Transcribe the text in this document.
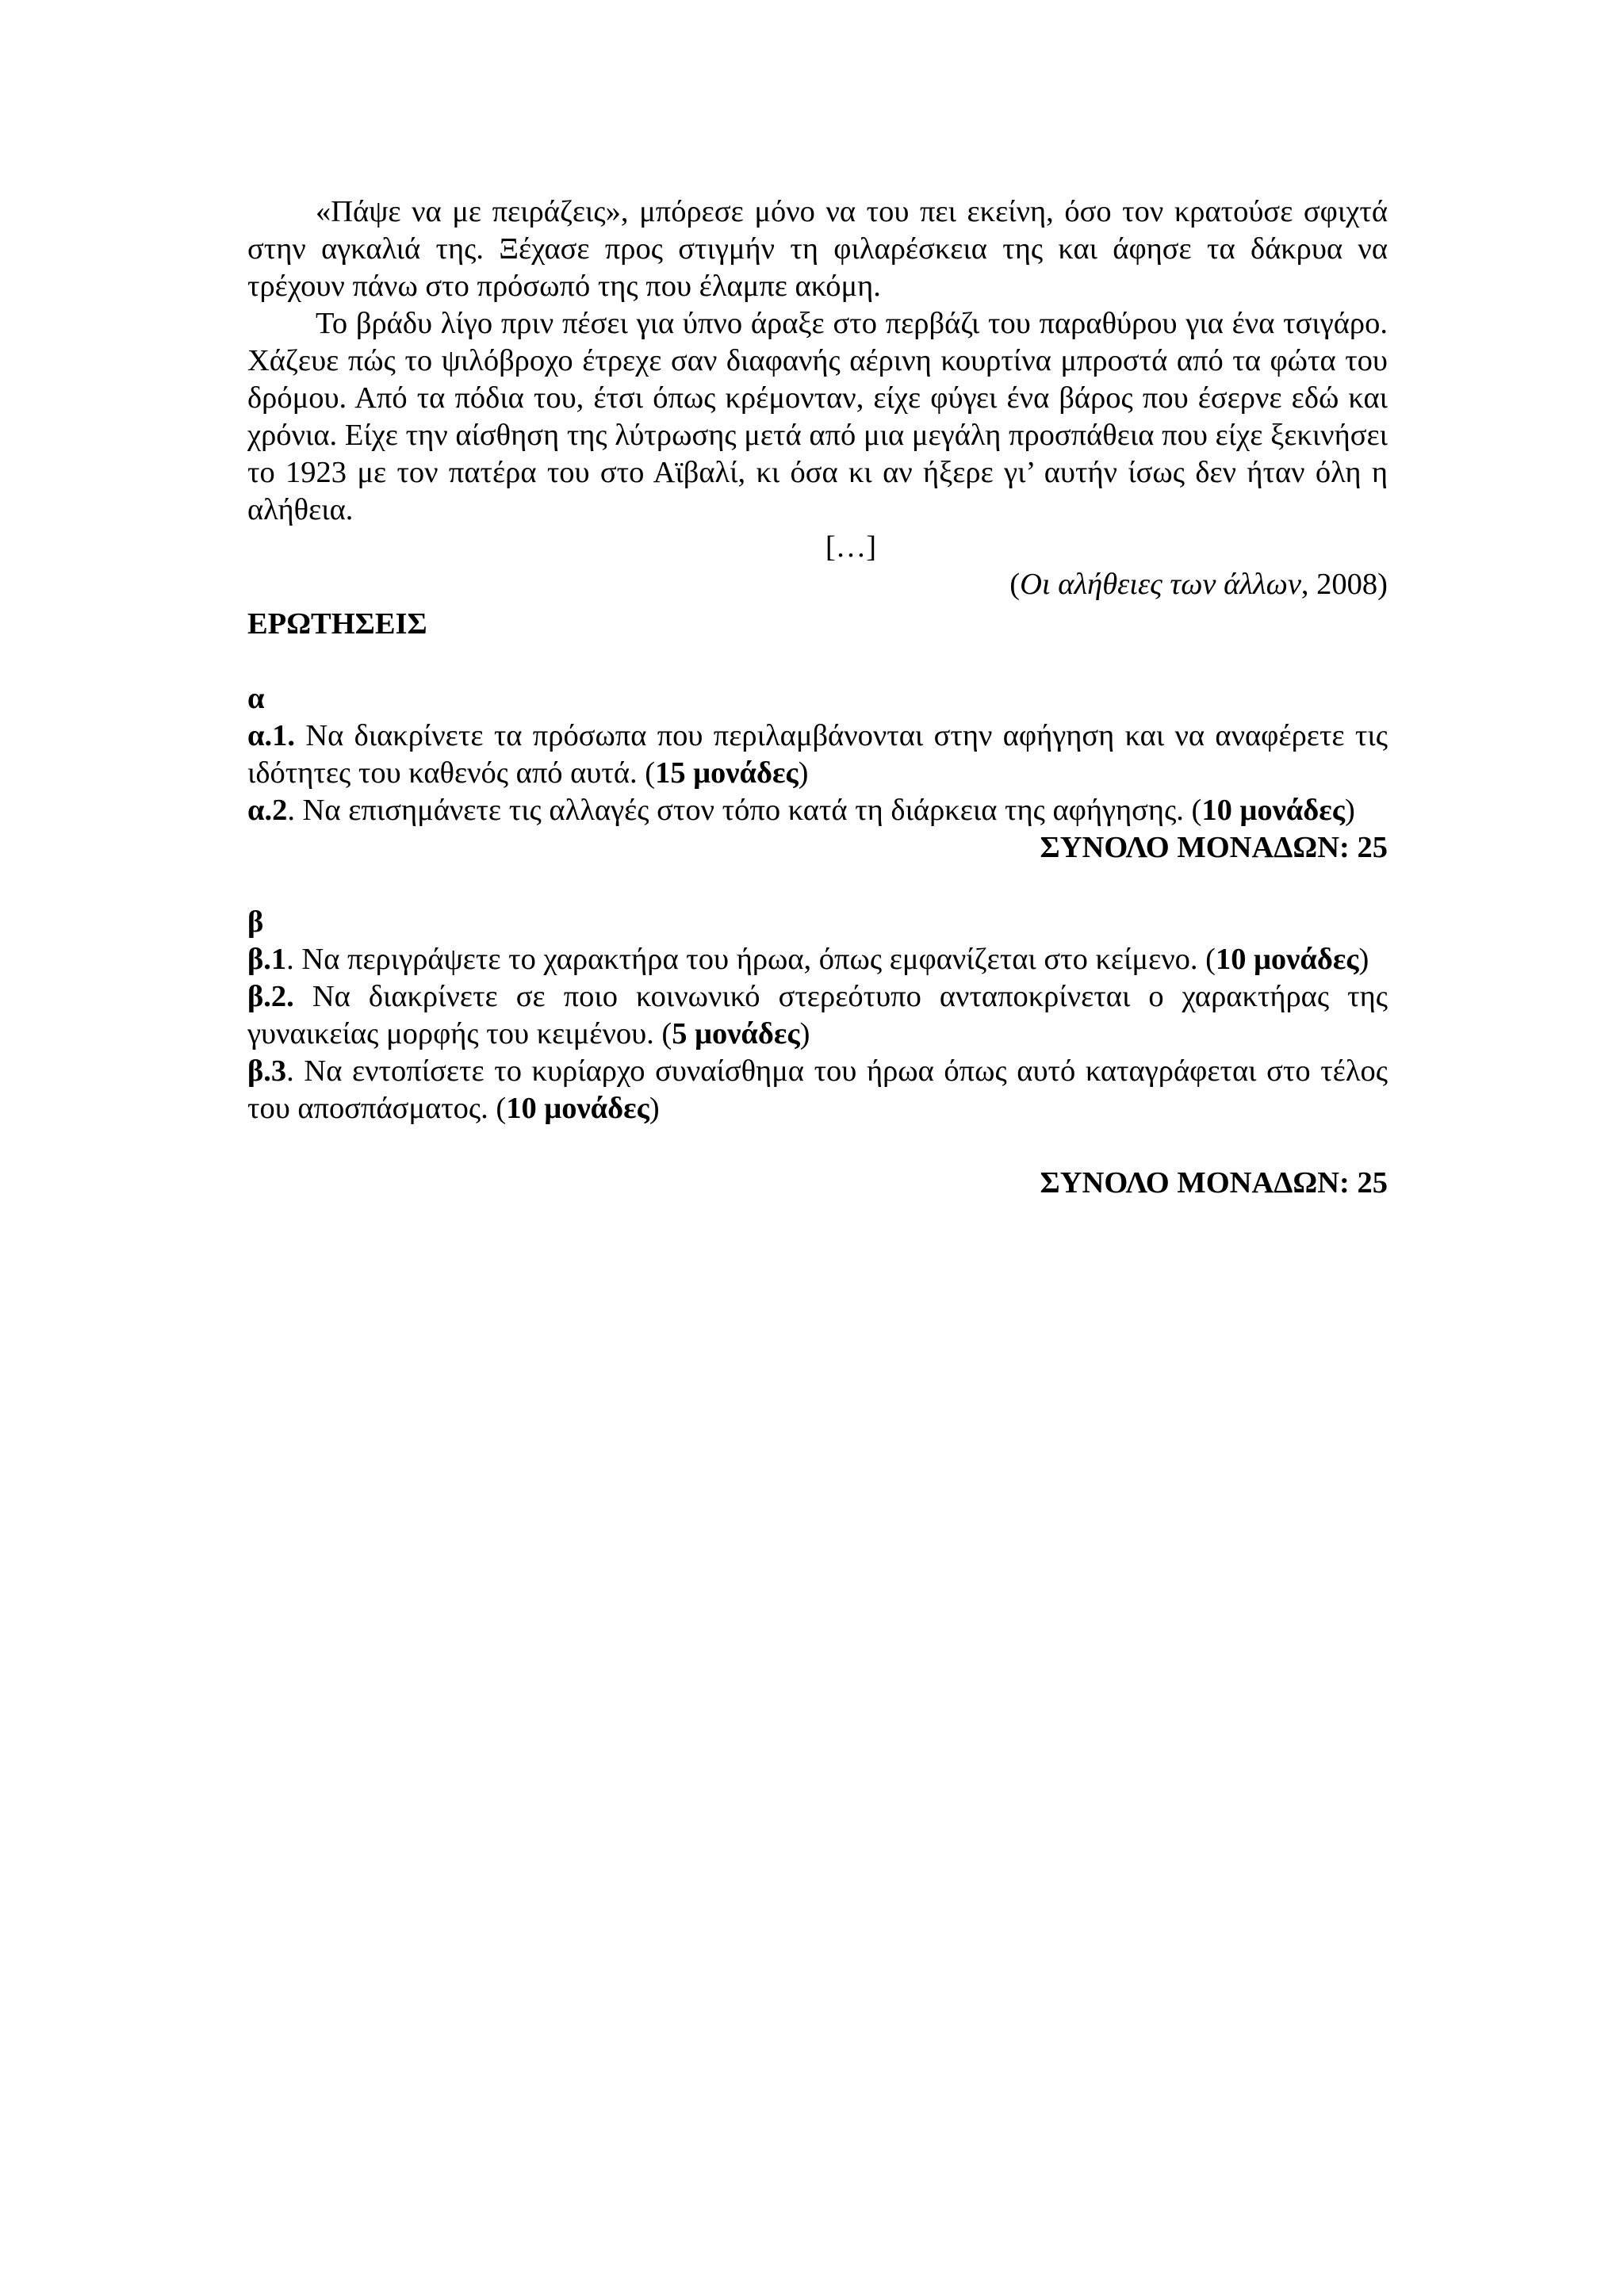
«Πάψε να με πειράζεις», μπόρεσε μόνο να του πει εκείνη, όσο τον κρατούσε σφιχτά στην αγκαλιά της. Ξέχασε προς στιγμήν τη φιλαρέσκεια της και άφησε τα δάκρυα να τρέχουν πάνω στο πρόσωπό της που έλαμπε ακόμη.

Το βράδυ λίγο πριν πέσει για ύπνο άραξε στο περβάζι του παραθύρου για ένα τσιγάρο. Χάζευε πώς το ψιλόβροχο έτρεχε σαν διαφανής αέρινη κουρτίνα μπροστά από τα φώτα του δρόμου. Από τα πόδια του, έτσι όπως κρέμονταν, είχε φύγει ένα βάρος που έσερνε εδώ και χρόνια. Είχε την αίσθηση της λύτρωσης μετά από μια μεγάλη προσπάθεια που είχε ξεκινήσει το 1923 με τον πατέρα του στο Αϊβαλί, κι όσα κι αν ήξερε γι’ αυτήν ίσως δεν ήταν όλη η αλήθεια.

[…]

(Οι αλήθειες των άλλων, 2008)

ΕΡΩΤΗΣΕΙΣ

α

α.1. Να διακρίνετε τα πρόσωπα που περιλαμβάνονται στην αφήγηση και να αναφέρετε τις ιδότητες του καθενός από αυτά. (15 μονάδες)

α.2. Να επισημάνετε τις αλλαγές στον τόπο κατά τη διάρκεια της αφήγησης. (10 μονάδες)

ΣΥΝΟΛΟ ΜΟΝΑΔΩΝ: 25

β

β.1. Να περιγράψετε το χαρακτήρα του ήρωα, όπως εμφανίζεται στο κείμενο. (10 μονάδες)

β.2. Να διακρίνετε σε ποιο κοινωνικό στερεότυπο ανταποκρίνεται ο χαρακτήρας της γυναικείας μορφής του κειμένου. (5 μονάδες)

β.3. Να εντοπίσετε το κυρίαρχο συναίσθημα του ήρωα όπως αυτό καταγράφεται στο τέλος του αποσπάσματος. (10 μονάδες)

ΣΥΝΟΛΟ ΜΟΝΑΔΩΝ: 25
